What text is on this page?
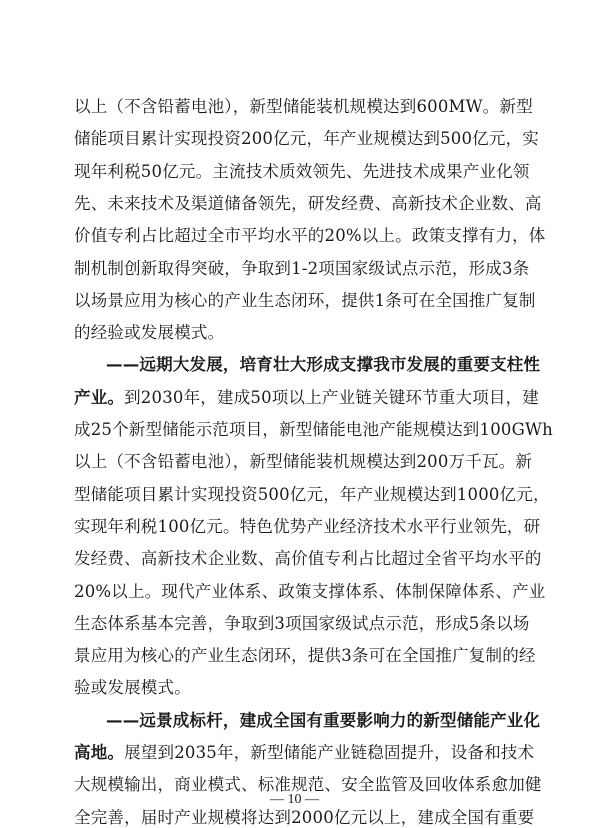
以上（不含铅蓄电池），新型储能装机规模达到600MW。新型
储能项目累计实现投资200亿元，年产业规模达到500亿元，实
现年利税50亿元。主流技术质效领先、先进技术成果产业化领
先、未来技术及渠道储备领先，研发经费、高新技术企业数、高
价值专利占比超过全市平均水平的20%以上。政策支撑有力，体
制机制创新取得突破，争取到1-2项国家级试点示范，形成3条
以场景应用为核心的产业生态闭环，提供1条可在全国推广复制
的经验或发展模式。
——远期大发展，培育壮大形成支撑我市发展的重要支柱性
产业。到2030年，建成50项以上产业链关键环节重大项目，建
成25个新型储能示范项目，新型储能电池产能规模达到100GWh
以上（不含铅蓄电池），新型储能装机规模达到200万千瓦。新
型储能项目累计实现投资500亿元，年产业规模达到1000亿元，
实现年利税100亿元。特色优势产业经济技术水平行业领先，研
发经费、高新技术企业数、高价值专利占比超过全省平均水平的
20%以上。现代产业体系、政策支撑体系、体制保障体系、产业
生态体系基本完善，争取到3项国家级试点示范，形成5条以场
景应用为核心的产业生态闭环，提供3条可在全国推广复制的经
验或发展模式。
——远景成标杆，建成全国有重要影响力的新型储能产业化
高地。展望到2035年，新型储能产业链稳固提升，设备和技术
大规模输出，商业模式、标准规范、安全监管及回收体系愈加健
全完善，届时产业规模将达到2000亿元以上，建成全国有重要
— 10 —
